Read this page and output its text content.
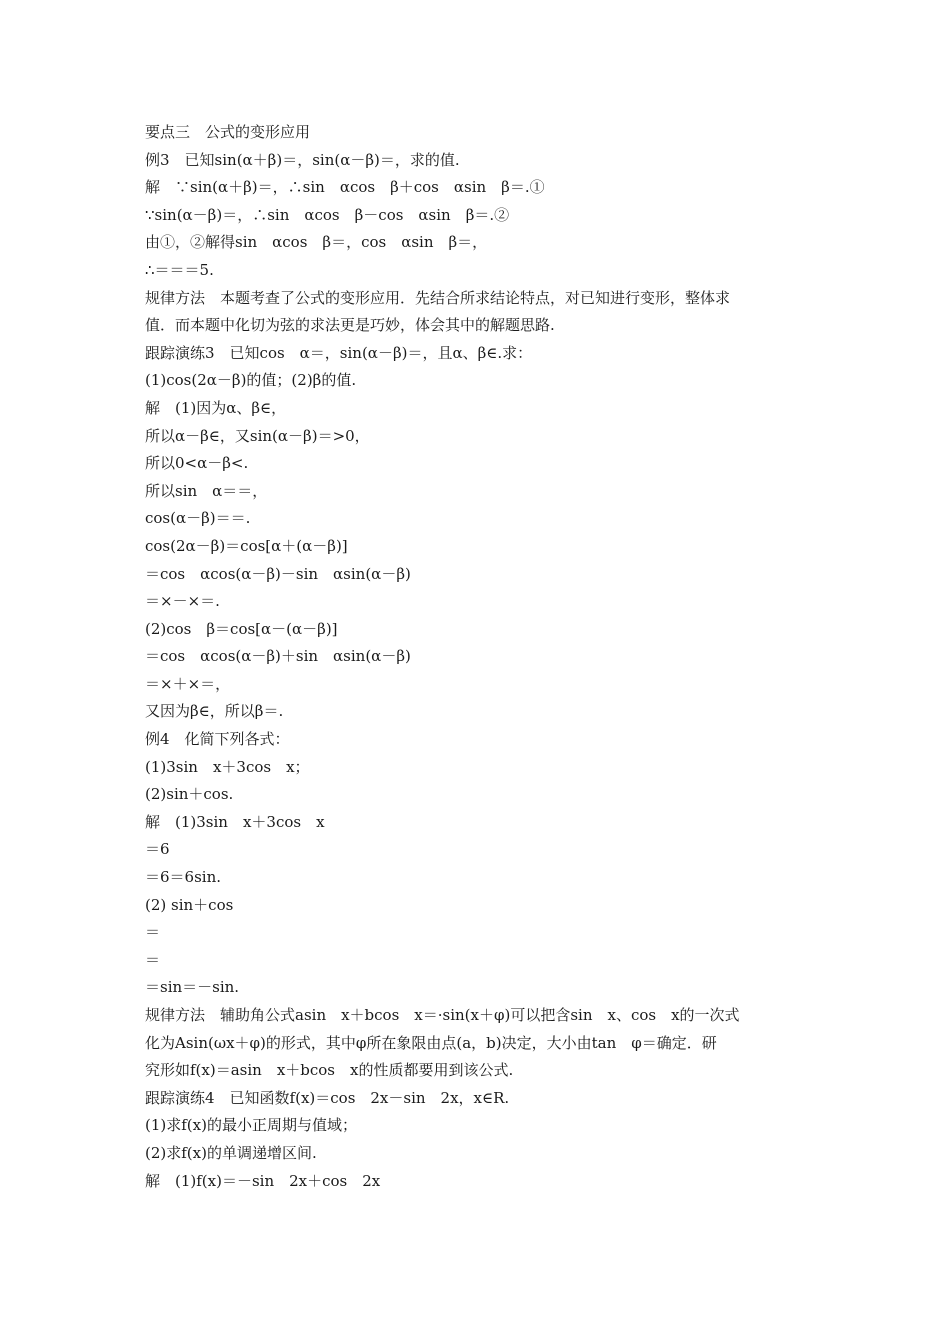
要点三　公式的变形应用
例3　已知sin(α＋β)＝，sin(α－β)＝，求的值.
解　∵sin(α＋β)＝，∴sin　αcos　β＋cos　αsin　β＝.①
∵sin(α－β)＝，∴sin　αcos　β－cos　αsin　β＝.②
由①，②解得sin　αcos　β＝，cos　αsin　β＝，
∴＝＝＝5.
规律方法　本题考查了公式的变形应用．先结合所求结论特点，对已知进行变形，整体求
值．而本题中化切为弦的求法更是巧妙，体会其中的解题思路.
跟踪演练3　已知cos　α＝，sin(α－β)＝，且α、β∈.求：
(1)cos(2α－β)的值；(2)β的值.
解　(1)因为α、β∈，
所以α－β∈，又sin(α－β)＝>0，
所以0<α－β<.
所以sin　α＝＝，
cos(α－β)＝＝.
cos(2α－β)＝cos[α＋(α－β)]
＝cos　αcos(α－β)－sin　αsin(α－β)
＝×－×＝.
(2)cos　β＝cos[α－(α－β)]
＝cos　αcos(α－β)＋sin　αsin(α－β)
＝×＋×＝，
又因为β∈，所以β＝.
例4　化简下列各式：
(1)3sin　x＋3cos　x；
(2)sin＋cos.
解　(1)3sin　x＋3cos　x
＝6
＝6＝6sin.
(2) sin＋cos
＝
＝
＝sin＝－sin.
规律方法　辅助角公式asin　x＋bcos　x＝·sin(x＋φ)可以把含sin　x、cos　x的一次式
化为Asin(ωx＋φ)的形式，其中φ所在象限由点(a，b)决定，大小由tan　φ＝确定．研
究形如f(x)＝asin　x＋bcos　x的性质都要用到该公式.
跟踪演练4　已知函数f(x)＝cos　2x－sin　2x，x∈R.
(1)求f(x)的最小正周期与值域；
(2)求f(x)的单调递增区间.
解　(1)f(x)＝－sin　2x＋cos　2x
